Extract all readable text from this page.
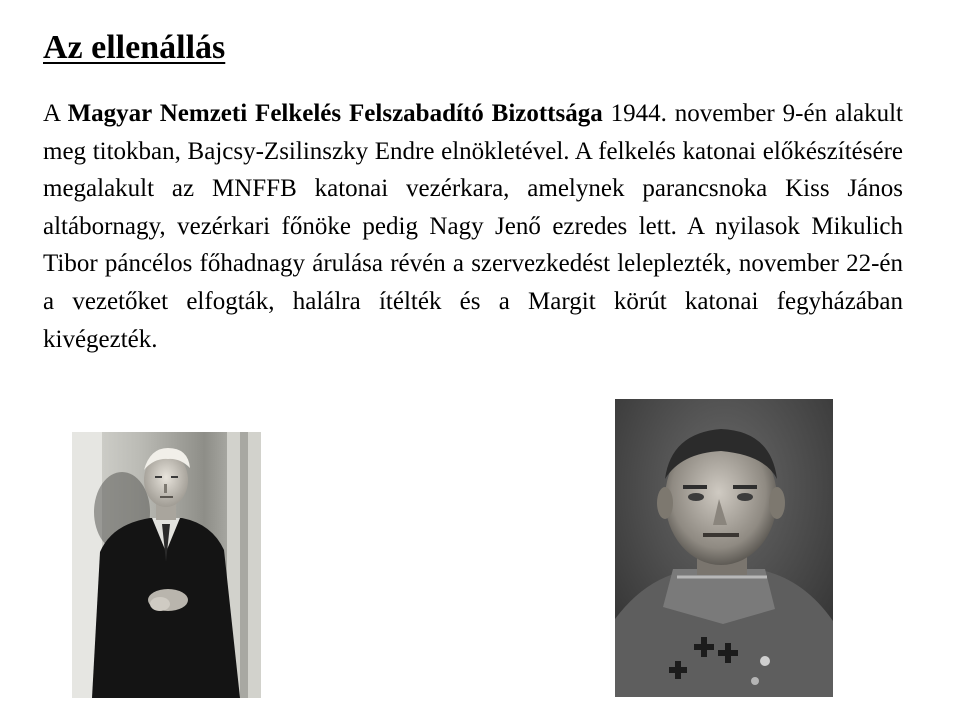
Az ellenállás

A Magyar Nemzeti Felkelés Felszabadító Bizottsága 1944. november 9-én alakult meg titokban, Bajcsy-Zsilinszky Endre elnökletével. A felkelés katonai előkészítésére megalakult az MNFFB katonai vezérkara, amelynek parancsnoka Kiss János altábornagy, vezérkari főnöke pedig Nagy Jenő ezredes lett. A nyilasok Mikulich Tibor páncélos főhadnagy árulása révén a szervezkedést leleplezték, november 22-én a vezetőket elfogták, halálra ítélték és a Margit körút katonai fegyházában kivégezték.
